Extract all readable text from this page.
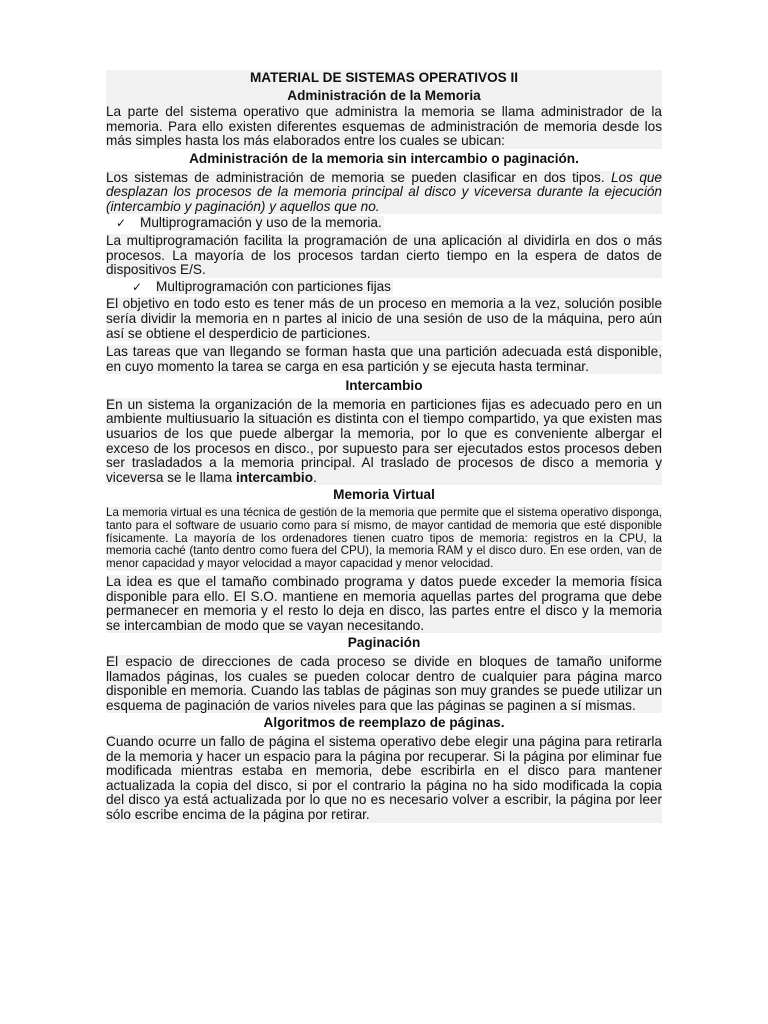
MATERIAL DE SISTEMAS OPERATIVOS II
Administración de la Memoria

La parte del sistema operativo que administra la memoria se llama administrador de la memoria. Para ello existen diferentes esquemas de administración de memoria desde los más simples hasta los más elaborados entre los cuales se ubican:

Administración de la memoria sin intercambio o paginación.

Los sistemas de administración de memoria se pueden clasificar en dos tipos. Los que desplazan los procesos de la memoria principal al disco y viceversa durante la ejecución (intercambio y paginación) y aquellos que no.

✓	Multiprogramación y uso de la memoria.

La multiprogramación facilita la programación de una aplicación al dividirla en dos o más procesos. La mayoría de los procesos tardan cierto tiempo en la espera de datos de dispositivos E/S.

✓	Multiprogramación con particiones fijas

El objetivo en todo esto es tener más de un proceso en memoria a la vez, solución posible sería dividir la memoria en n partes al inicio de una sesión de uso de la máquina, pero aún así se obtiene el desperdicio de particiones.

Las tareas que van llegando se forman hasta que una partición adecuada está disponible, en cuyo momento la tarea se carga en esa partición y se ejecuta hasta terminar.

Intercambio

En un sistema la organización de la memoria en particiones fijas es adecuado pero en un ambiente multiusuario la situación es distinta con el tiempo compartido, ya que existen mas usuarios de los que puede albergar la memoria, por lo que es conveniente albergar el exceso de los procesos en disco., por supuesto para ser ejecutados estos procesos deben ser trasladados a la memoria principal. Al traslado de procesos de disco a memoria y viceversa se le llama intercambio.

Memoria Virtual

La memoria virtual es una técnica de gestión de la memoria que permite que el sistema operativo disponga, tanto para el software de usuario como para sí mismo, de mayor cantidad de memoria que esté disponible físicamente. La mayoría de los ordenadores tienen cuatro tipos de memoria: registros en la CPU, la memoria caché (tanto dentro como fuera del CPU), la memoria RAM y el disco duro. En ese orden, van de menor capacidad y mayor velocidad a mayor capacidad y menor velocidad.

La idea es que el tamaño combinado programa y datos puede exceder la memoria física disponible para ello. El S.O. mantiene en memoria aquellas partes del programa que debe permanecer en memoria y el resto lo deja en disco, las partes entre el disco y la memoria se intercambian de modo que se vayan necesitando.

Paginación

El espacio de direcciones de cada proceso se divide en bloques de tamaño uniforme llamados páginas, los cuales se pueden colocar dentro de cualquier para página marco disponible en memoria. Cuando las tablas de páginas son muy grandes se puede utilizar un esquema de paginación de varios niveles para que las páginas se paginen a sí mismas.

Algoritmos de reemplazo de páginas.

Cuando ocurre un fallo de página el sistema operativo debe elegir una página para retirarla de la memoria y hacer un espacio para la página por recuperar. Si la página por eliminar fue modificada mientras estaba en memoria, debe escribirla en el disco para mantener actualizada la copia del disco, si por el contrario la página no ha sido modificada la copia del disco ya está actualizada por lo que no es necesario volver a escribir, la página por leer sólo escribe encima de la página por retirar.
